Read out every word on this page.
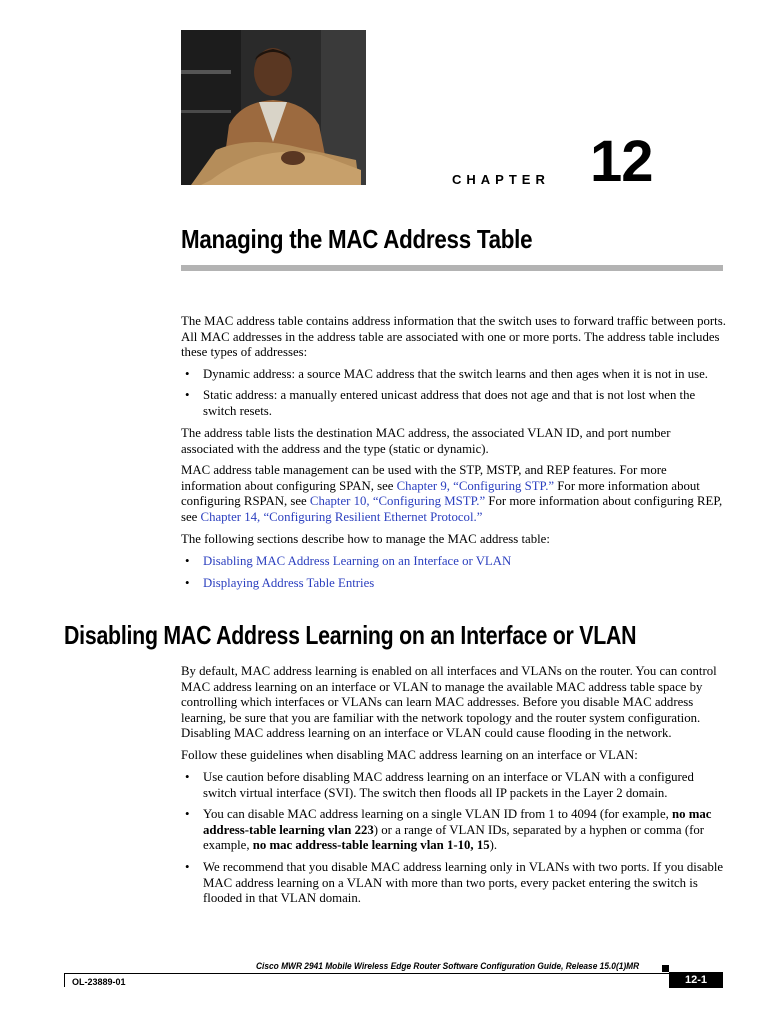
CHAPTER 12
Managing the MAC Address Table

The MAC address table contains address information that the switch uses to forward traffic between ports. All MAC addresses in the address table are associated with one or more ports. The address table includes these types of addresses:

• Dynamic address: a source MAC address that the switch learns and then ages when it is not in use.
• Static address: a manually entered unicast address that does not age and that is not lost when the switch resets.

The address table lists the destination MAC address, the associated VLAN ID, and port number associated with the address and the type (static or dynamic).

MAC address table management can be used with the STP, MSTP, and REP features. For more information about configuring SPAN, see Chapter 9, “Configuring STP.” For more information about configuring RSPAN, see Chapter 10, “Configuring MSTP.” For more information about configuring REP, see Chapter 14, “Configuring Resilient Ethernet Protocol.”

The following sections describe how to manage the MAC address table:

• Disabling MAC Address Learning on an Interface or VLAN
• Displaying Address Table Entries
Disabling MAC Address Learning on an Interface or VLAN

By default, MAC address learning is enabled on all interfaces and VLANs on the router. You can control MAC address learning on an interface or VLAN to manage the available MAC address table space by controlling which interfaces or VLANs can learn MAC addresses. Before you disable MAC address learning, be sure that you are familiar with the network topology and the router system configuration. Disabling MAC address learning on an interface or VLAN could cause flooding in the network.

Follow these guidelines when disabling MAC address learning on an interface or VLAN:

• Use caution before disabling MAC address learning on an interface or VLAN with a configured switch virtual interface (SVI). The switch then floods all IP packets in the Layer 2 domain.
• You can disable MAC address learning on a single VLAN ID from 1 to 4094 (for example, no mac address-table learning vlan 223) or a range of VLAN IDs, separated by a hyphen or comma (for example, no mac address-table learning vlan 1-10, 15).
• We recommend that you disable MAC address learning only in VLANs with two ports. If you disable MAC address learning on a VLAN with more than two ports, every packet entering the switch is flooded in that VLAN domain.
Cisco MWR 2941 Mobile Wireless Edge Router Software Configuration Guide, Release 15.0(1)MR
OL-23889-01	12-1
